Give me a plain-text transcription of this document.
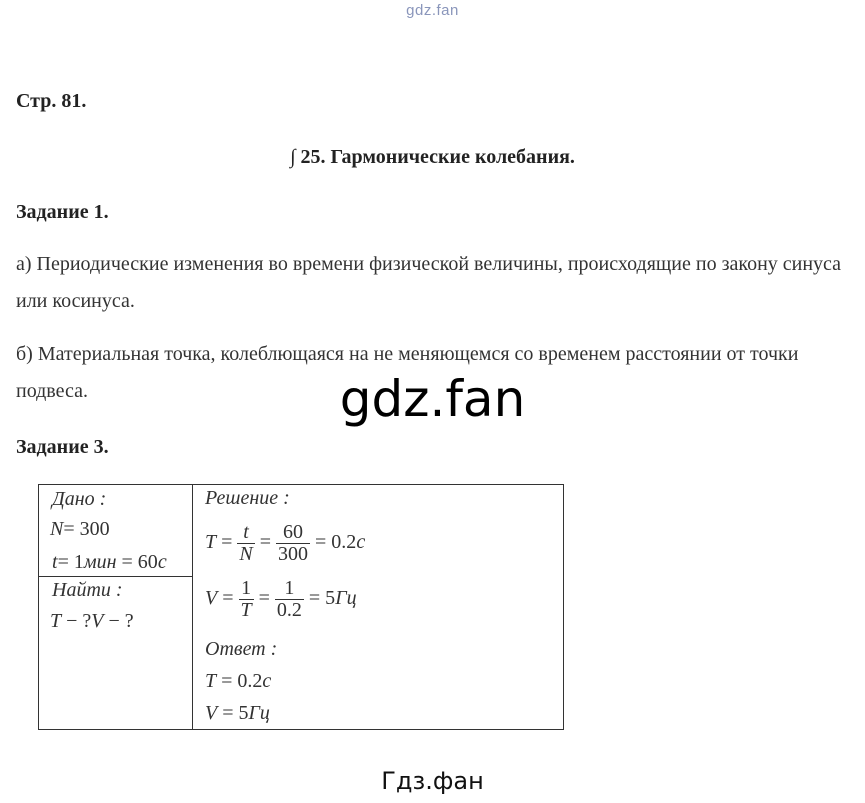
gdz.fan
Стр. 81.
∫ 25. Гармонические колебания.
Задание 1.
а) Периодические изменения во времени физической величины, происходящие по закону синуса или косинуса.
б) Материальная точка, колеблющаяся на не меняющемся со временем расстоянии от точки подвеса.	gdz.fan
Задание 3.
Дано :
N= 300
t= 1мин = 60c
Найти :
T − ?V − ?
Решение :
$T = \frac{t}{N} = \frac{60}{300} = 0.2c$
$V = \frac{1}{T} = \frac{1}{0.2} = 5Гц$
Ответ :
T = 0.2c
V = 5Гц
Гдз.фан
